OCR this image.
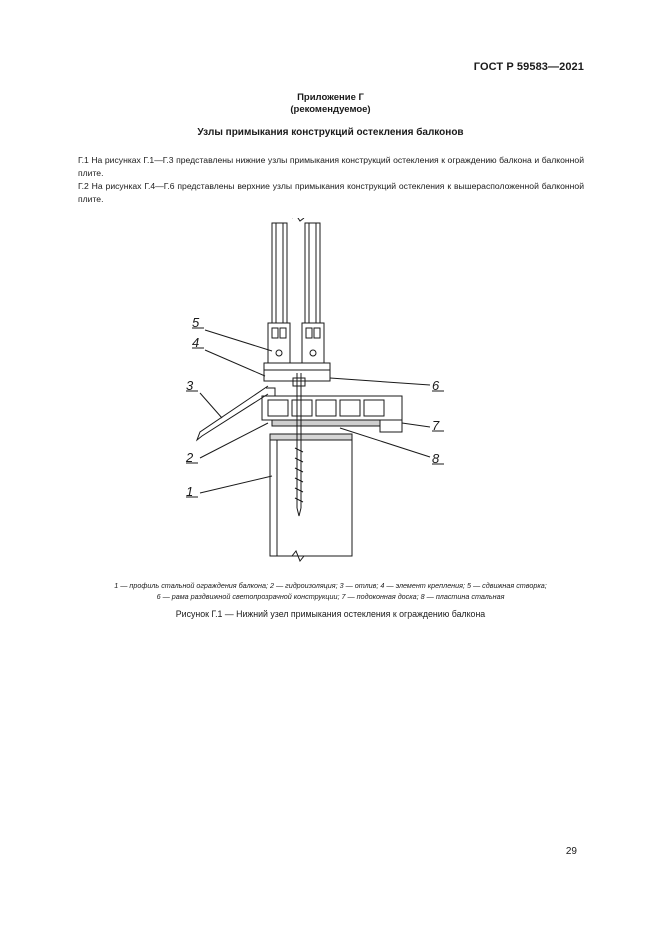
ГОСТ Р 59583—2021
Приложение Г
(рекомендуемое)
Узлы примыкания конструкций остекления балконов
Г.1 На рисунках Г.1—Г.3 представлены нижние узлы примыкания конструкций остекления к ограждению балкона и балконной плите.
Г.2 На рисунках Г.4—Г.6 представлены верхние узлы примыкания конструкций остекления к вышерасположенной балконной плите.
5
4
3
2
1
6
7
8
1 — профиль стальной ограждения балкона; 2 — гидроизоляция; 3 — отлив; 4 — элемент крепления; 5 — сдвижная створка;
6 — рама раздвижной светопрозрачной конструкции; 7 — подоконная доска; 8 — пластина стальная
Рисунок Г.1 — Нижний узел примыкания остекления к ограждению балкона
29
